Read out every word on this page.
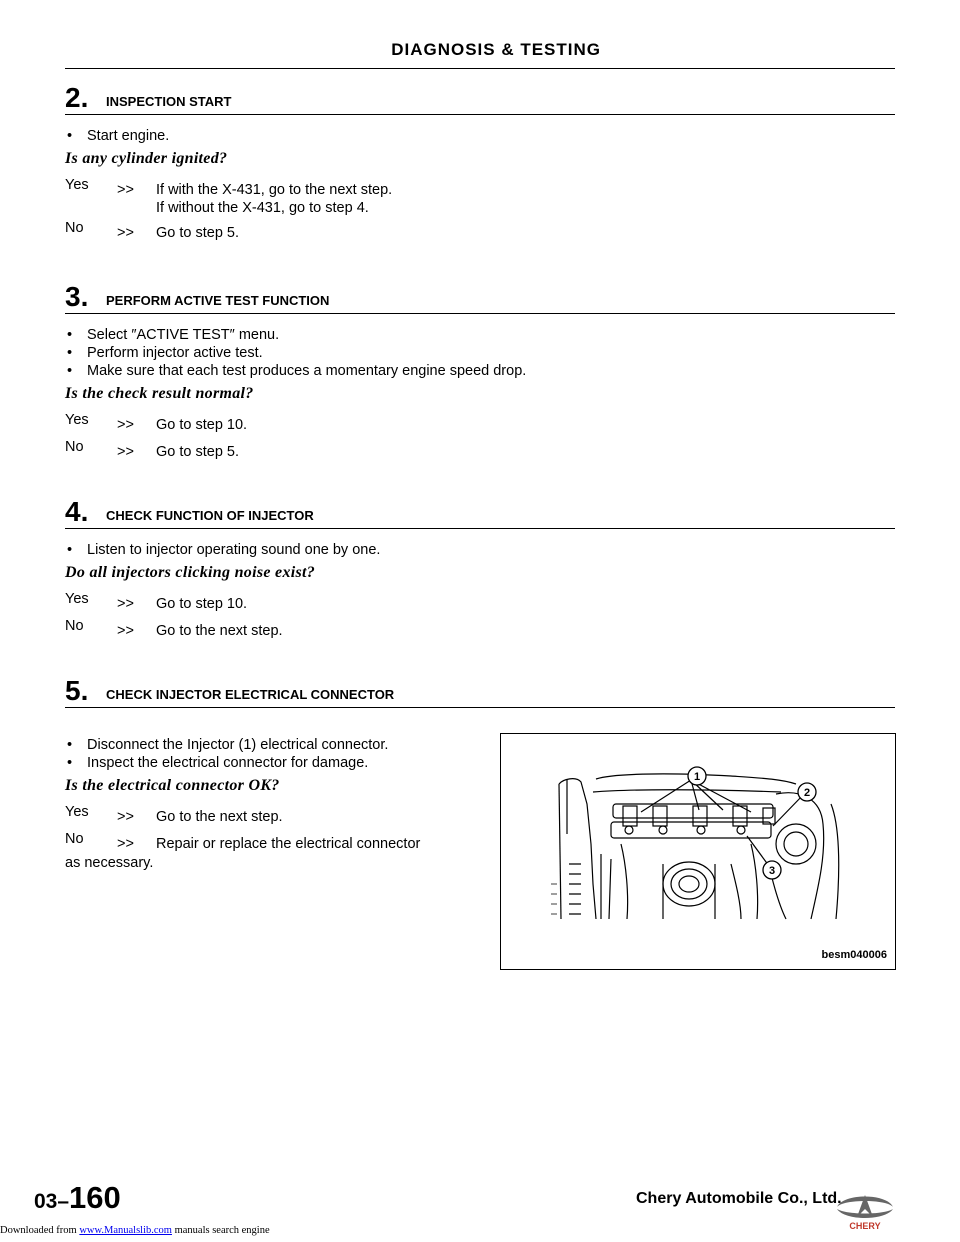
DIAGNOSIS & TESTING
2. INSPECTION START
• Start engine.
Is any cylinder ignited?
Yes >> If with the X-431, go to the next step.
If without the X-431, go to step 4.
No >> Go to step 5.
3. PERFORM ACTIVE TEST FUNCTION
• Select ″ACTIVE TEST″ menu.
• Perform injector active test.
• Make sure that each test produces a momentary engine speed drop.
Is the check result normal?
Yes >> Go to step 10.
No >> Go to step 5.
4. CHECK FUNCTION OF INJECTOR
• Listen to injector operating sound one by one.
Do all injectors clicking noise exist?
Yes >> Go to step 10.
No >> Go to the next step.
5. CHECK INJECTOR ELECTRICAL CONNECTOR
• Disconnect the Injector (1) electrical connector.
• Inspect the electrical connector for damage.
Is the electrical connector OK?
Yes >> Go to the next step.
No >> Repair or replace the electrical connector
as necessary.
1
2
3
besm040006
03–160	Chery Automobile Co., Ltd.
CHERY
Downloaded from www.Manualslib.com manuals search engine
